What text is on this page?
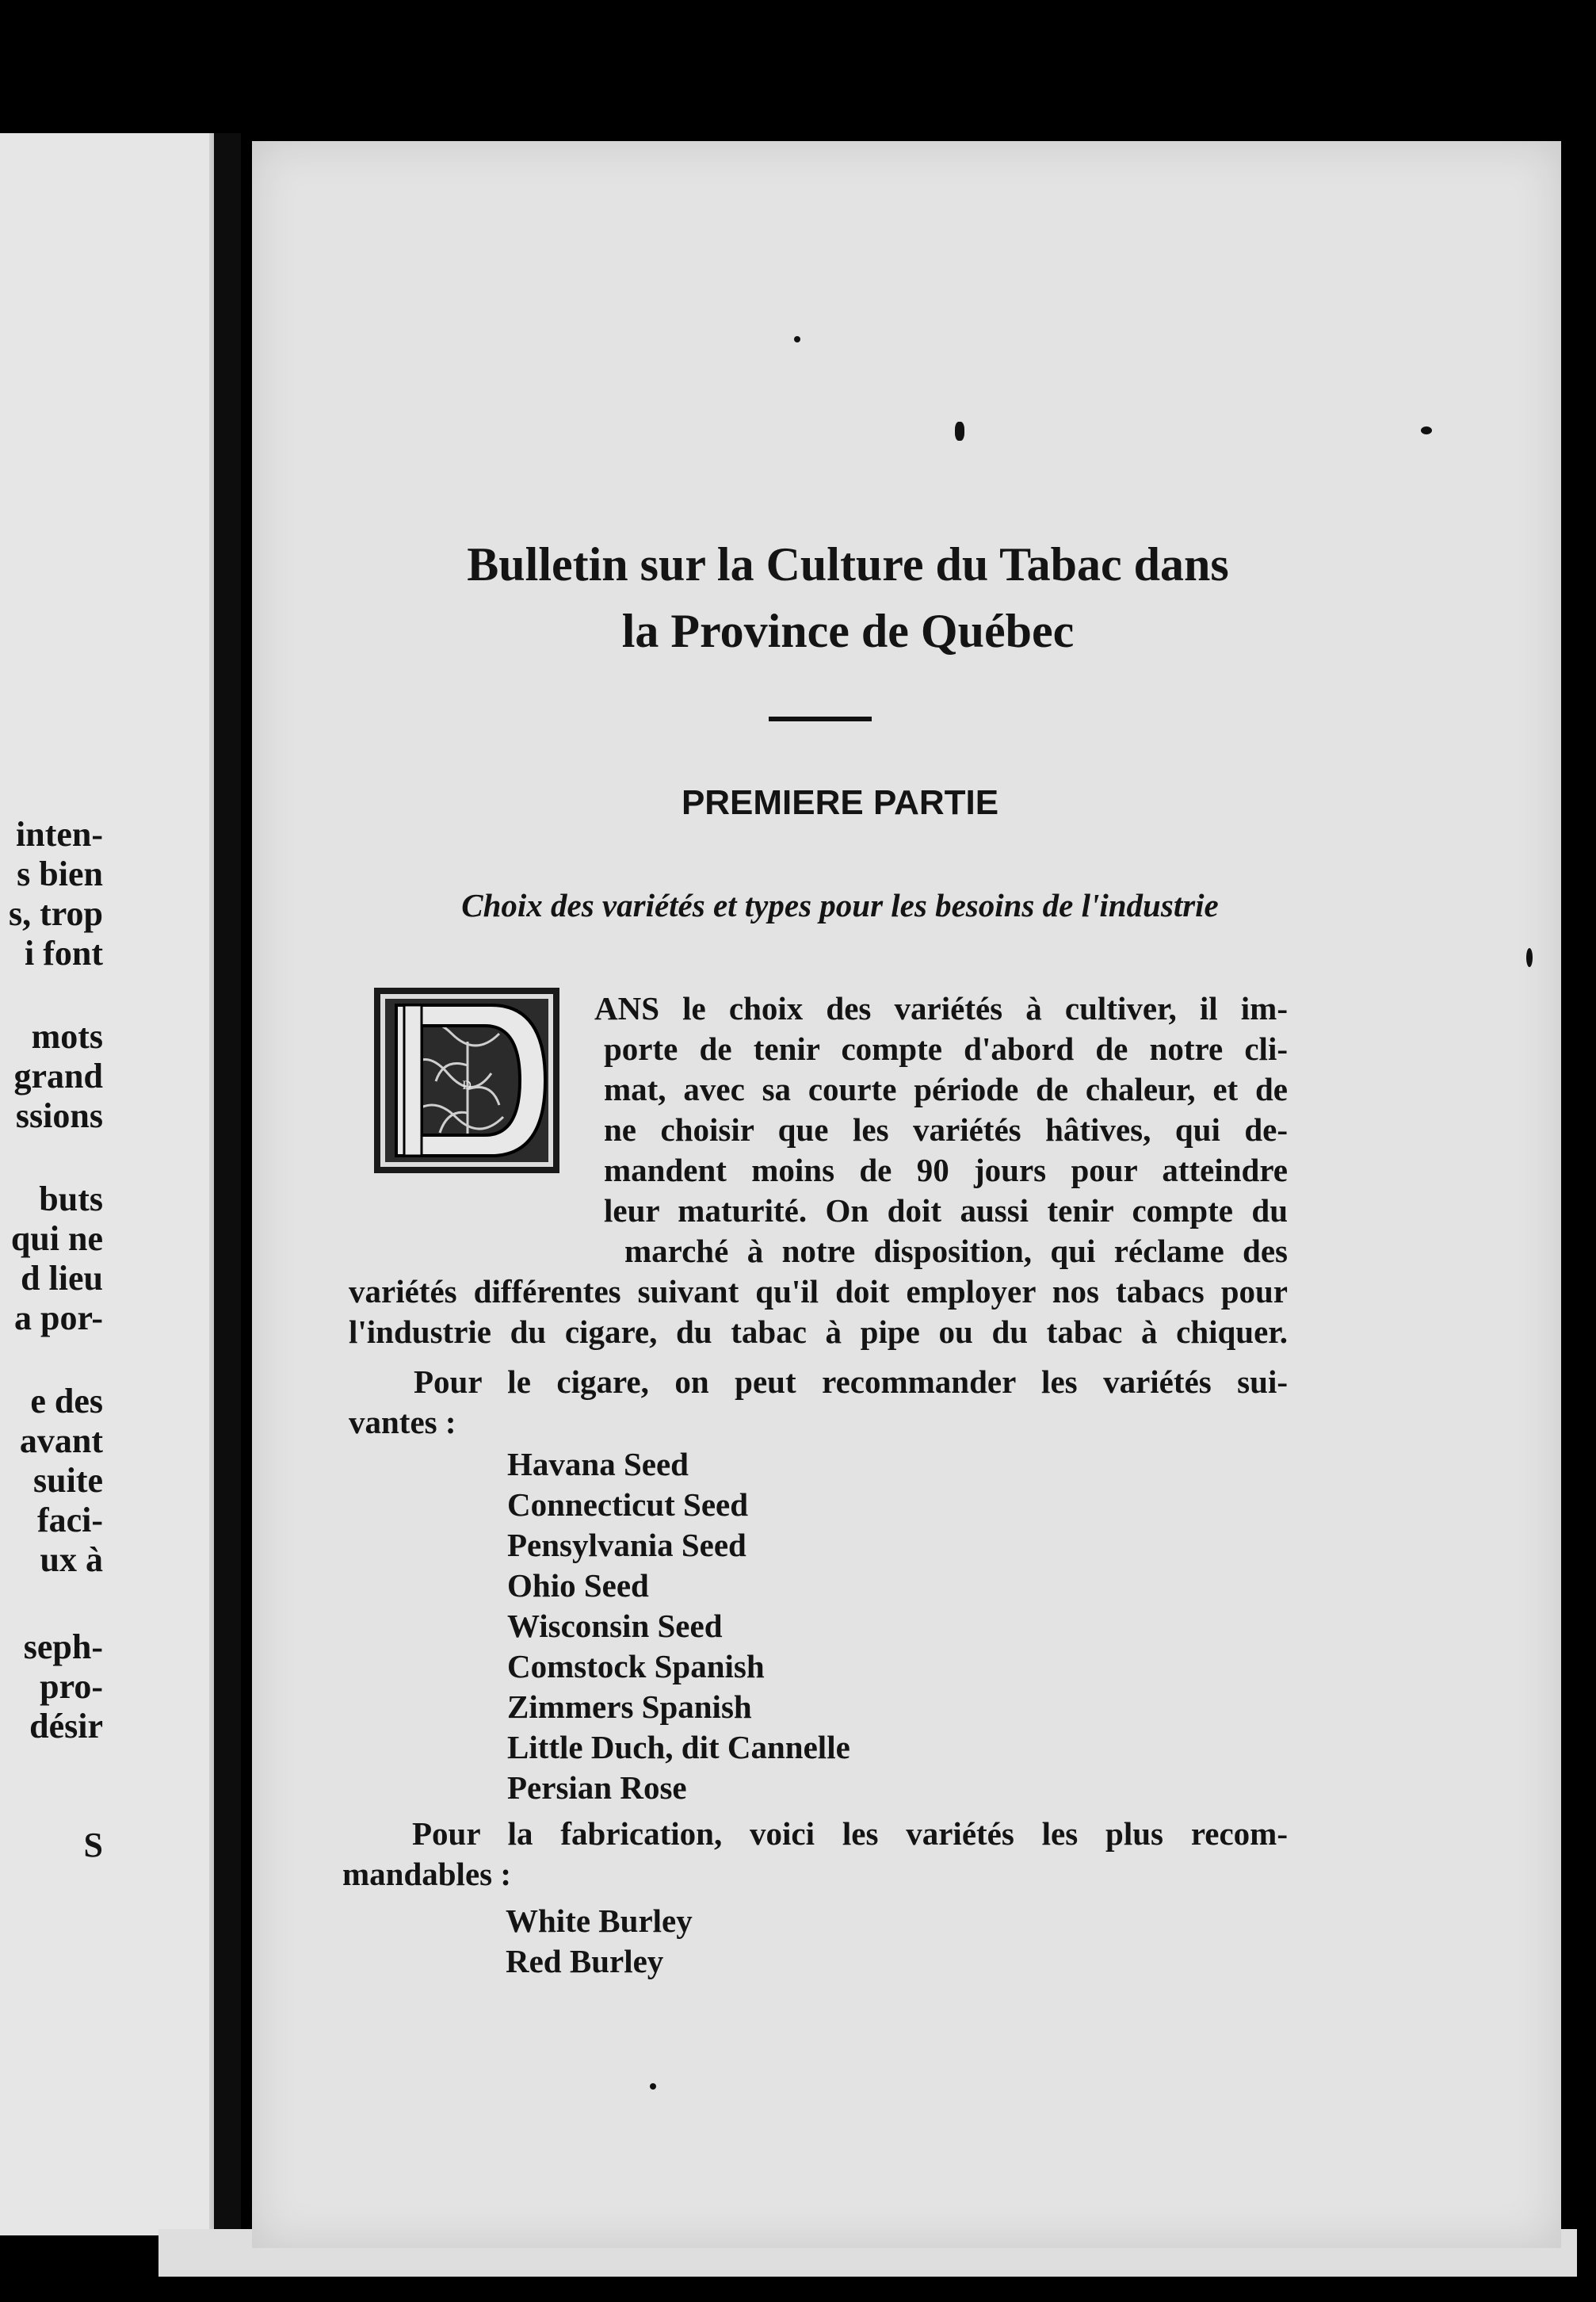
inten-
s bien
s, trop
i font
mots
grand
ssions
buts
qui ne
d lieu
a por-
e des
avant
suite
faci-
ux à
seph-
pro-
désir
S
Bulletin sur la Culture du Tabac dans
la Province de Québec
PREMIERE PARTIE
Choix des variétés et types pour les besoins de l'industrie
D
ANS le choix des variétés à cultiver, il im-
porte de tenir compte d'abord de notre cli-
mat, avec sa courte période de chaleur, et de
ne choisir que les variétés hâtives, qui de-
mandent moins de 90 jours pour atteindre
leur maturité. On doit aussi tenir compte du
marché à notre disposition, qui réclame des
variétés différentes suivant qu'il doit employer nos tabacs pour
l'industrie du cigare, du tabac à pipe ou du tabac à chiquer.
Pour le cigare, on peut recommander les variétés sui-
vantes :
Havana Seed
Connecticut Seed
Pensylvania Seed
Ohio Seed
Wisconsin Seed
Comstock Spanish
Zimmers Spanish
Little Duch, dit Cannelle
Persian Rose
Pour la fabrication, voici les variétés les plus recom-
mandables :
White Burley
Red Burley
